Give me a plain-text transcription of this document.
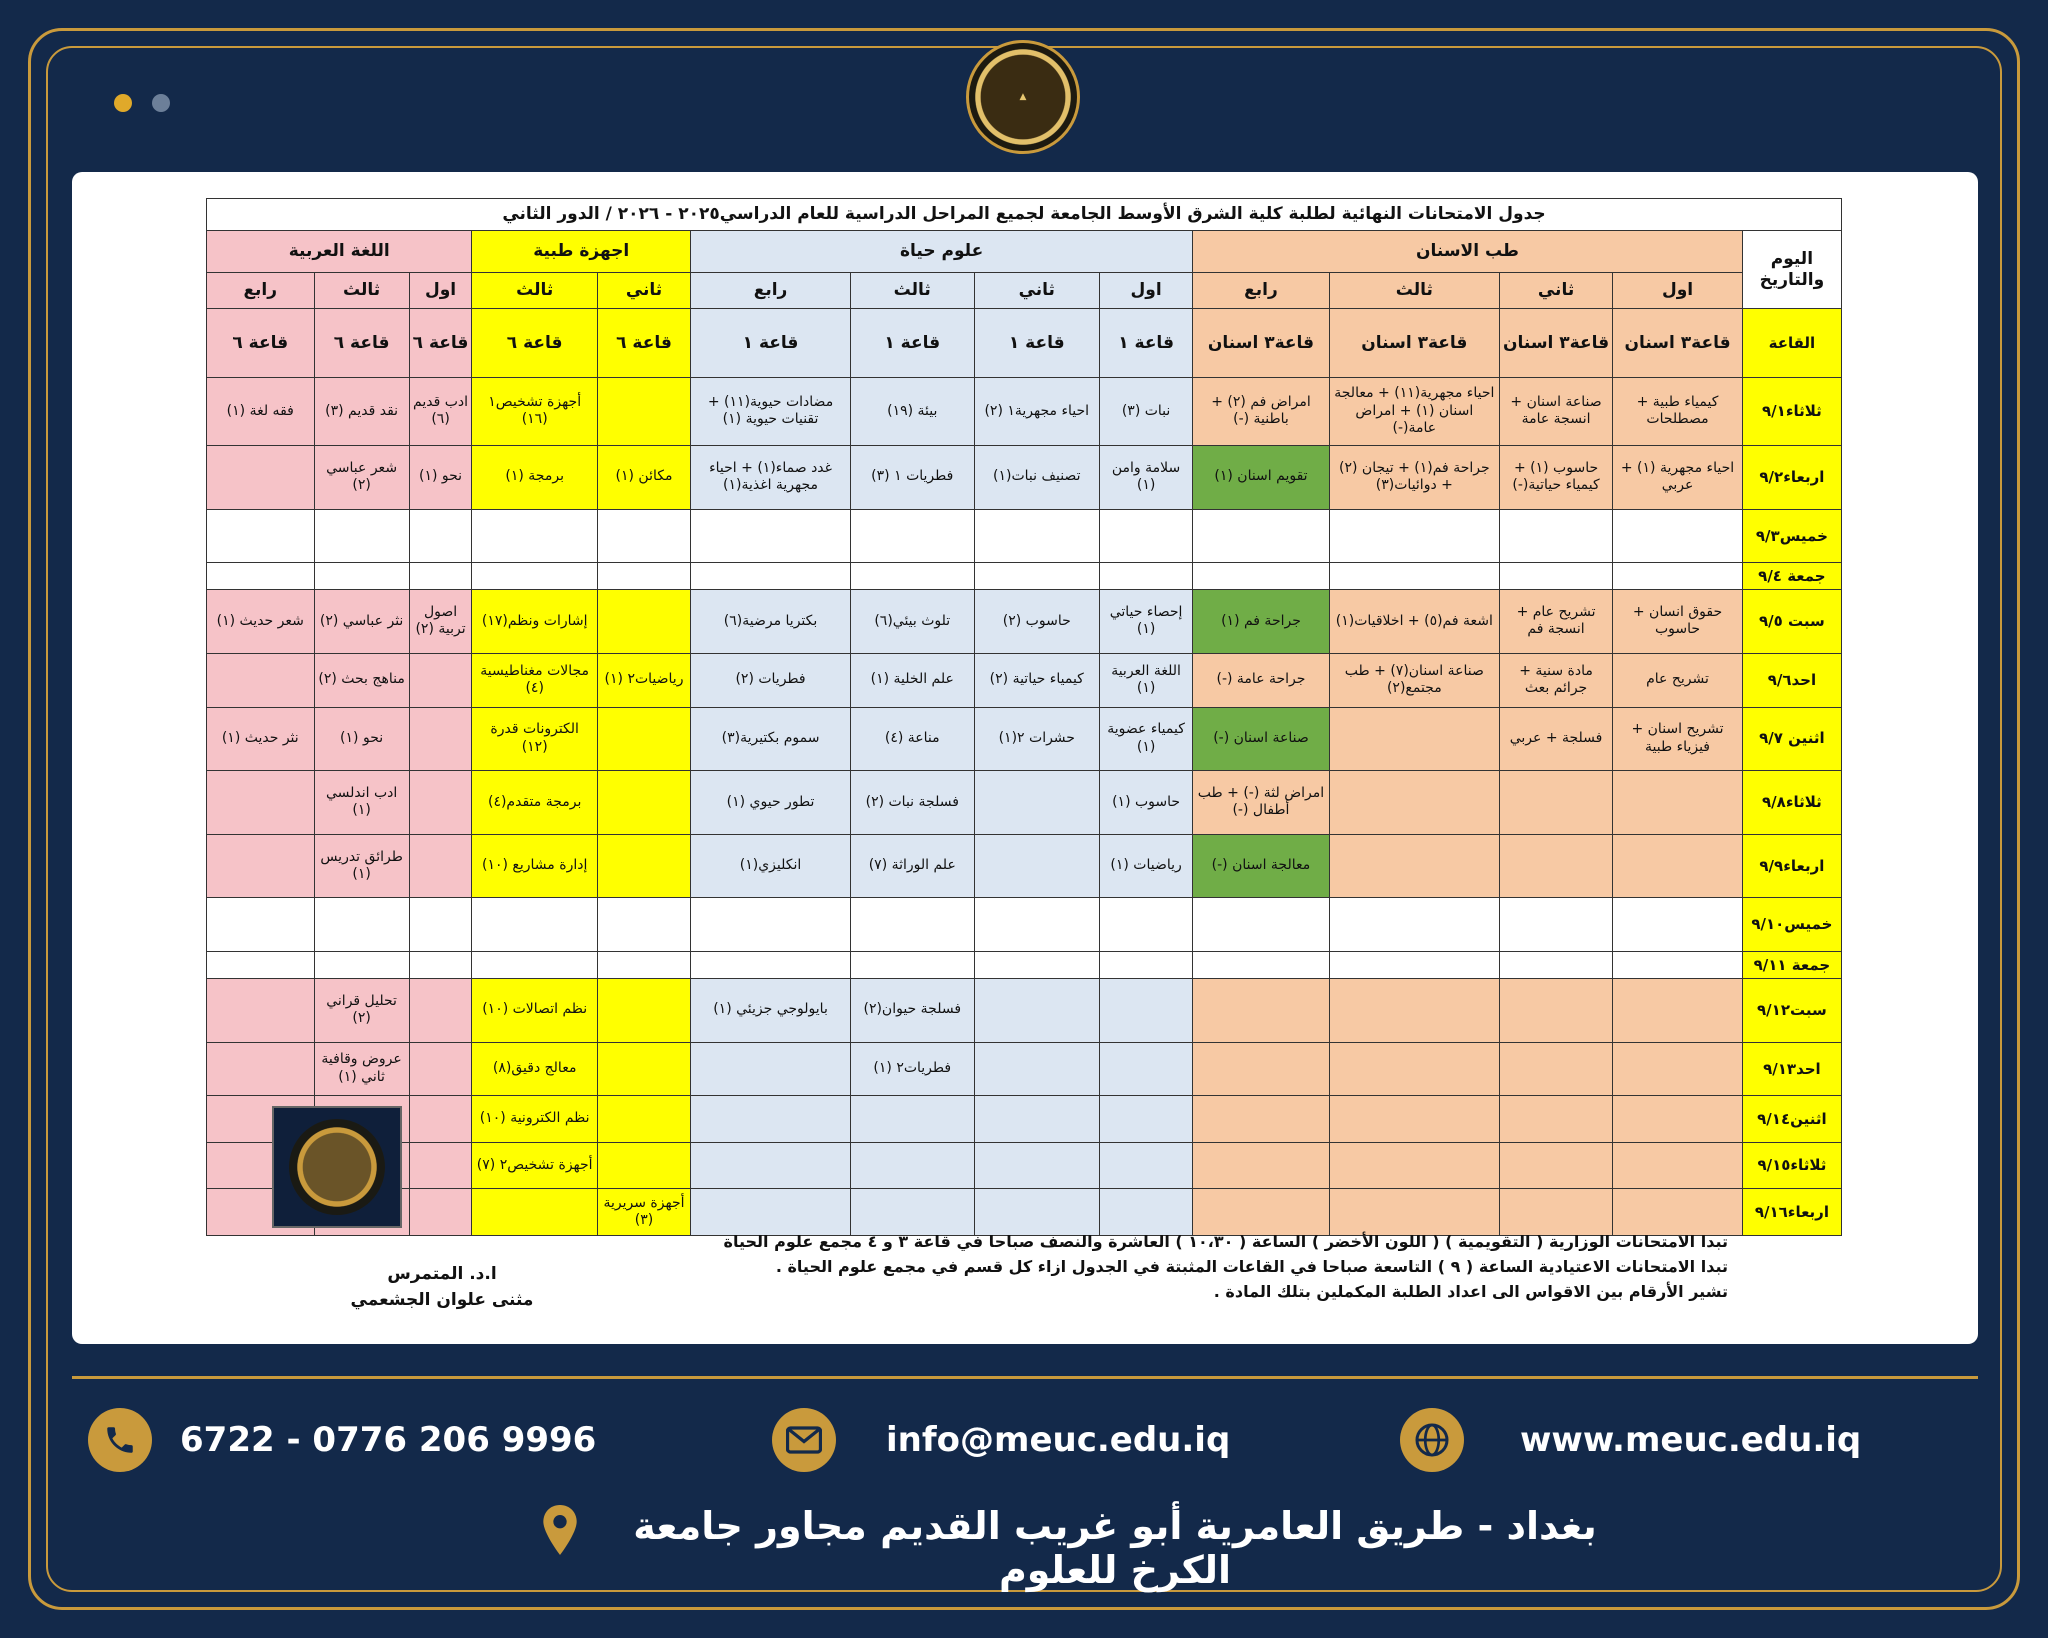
▲
جدول الامتحانات النهائية لطلبة كلية الشرق الأوسط الجامعة لجميع المراحل الدراسية للعام الدراسي٢٠٢٥ - ٢٠٢٦ / الدور الثاني													
اليوم والتاريخ	طب الاسنان				علوم حياة				اجهزة طبية		اللغة العربية		
	اول	ثاني	ثالث	رابع	اول	ثاني	ثالث	رابع	ثاني	ثالث	اول	ثالث	رابع
القاعة	قاعة٣ اسنان	قاعة٣ اسنان	قاعة٣ اسنان	قاعة٣ اسنان	قاعة ١	قاعة ١	قاعة ١	قاعة ١	قاعة ٦	قاعة ٦	قاعة ٦	قاعة ٦	قاعة ٦
ثلاثاء٩/١	كيمياء طبية + مصطلحات	صناعة اسنان + انسجة عامة	احياء مجهرية(١١) + معالجة اسنان (١) + امراض عامة(-)	امراض فم (٢) + باطنية (-)	نبات (٣)	احياء مجهرية١ (٢)	بيئة (١٩)	مضادات حيوية(١١) + تقنيات حيوية (١)		أجهزة تشخيص١ (١٦)	ادب قديم (٦)	نقد قديم (٣)	فقه لغة (١)
اربعاء٩/٢	احياء مجهرية (١) + عربي	حاسوب (١) + كيمياء حياتية(-)	جراحة فم(١) + تيجان (٢) + دوائيات(٣)	تقويم اسنان (١)	سلامة وامن (١)	تصنيف نبات(١)	فطريات ١ (٣)	غدد صماء(١) + احياء مجهرية اغذية(١)	مكائن (١)	برمجة (١)	نحو (١)	شعر عباسي (٢)	
خميس٩/٣													
جمعة ٩/٤													
سبت ٩/٥	حقوق انسان + حاسوب	تشريح عام + انسجة فم	اشعة فم(٥) + اخلاقيات(١)	جراحة فم (١)	إحصاء حياتي (١)	حاسوب (٢)	تلوث بيئي(٦)	بكتريا مرضية(٦)		إشارات ونظم(١٧)	اصول تربية (٢)	نثر عباسي (٢)	شعر حديث (١)
احد٩/٦	تشريح عام	مادة سنية + جرائم بعث	صناعة اسنان(٧) + طب مجتمع(٢)	جراحة عامة (-)	اللغة العربية (١)	كيمياء حياتية (٢)	علم الخلية (١)	فطريات (٢)	رياضيات٢ (١)	مجالات مغناطيسية (٤)		مناهج بحث (٢)	
اثنين ٩/٧	تشريح اسنان + فيزياء طبية	فسلجة + عربي		صناعة اسنان (-)	كيمياء عضوية (١)	حشرات ٢(١)	مناعة (٤)	سموم بكتيرية(٣)		الكترونات قدرة (١٢)		نحو (١)	نثر حديث (١)
ثلاثاء٩/٨				امراض لثة (-) + طب أطفال (-)	حاسوب (١)		فسلجة نبات (٢)	تطور حيوي (١)		برمجة متقدم(٤)		ادب اندلسي (١)	
اربعاء٩/٩				معالجة اسنان (-)	رياضيات (١)		علم الوراثة (٧)	انكليزي(١)		إدارة مشاريع (١٠)		طرائق تدريس (١)	
خميس٩/١٠													
جمعة ٩/١١													
سبت٩/١٢							فسلجة حيوان(٢)	بايولوجي جزيئي (١)		نظم اتصالات (١٠)		تحليل قراني (٢)	
احد٩/١٣							فطريات٢ (١)			معالج دقيق(٨)		عروض وقافية ثاني (١)	
اثنين٩/١٤										نظم الكترونية (١٠)			
ثلاثاء٩/١٥										أجهزة تشخيص٢ (٧)			
اربعاء٩/١٦									أجهزة سريرية (٣)				
تبدا الامتحانات الوزارية ( التقويمية ) ( اللون الأخضر ) الساعة ( ١٠،٣٠ ) العاشرة والنصف صباحا في قاعة ٣ و ٤ مجمع علوم الحياة
تبدا الامتحانات الاعتيادية الساعة ( ٩ ) التاسعة صباحا في القاعات المثبتة في الجدول ازاء كل قسم في مجمع علوم الحياة .
تشير الأرقام بين الاقواس الى اعداد الطلبة المكملين بتلك المادة .
ا.د. المتمرس
مثنى علوان الجشعمي
6722 - 0776 206 9996	info@meuc.edu.iq	www.meuc.edu.iq
بغداد - طريق العامرية أبو غريب القديم مجاور جامعة الكرخ للعلوم
